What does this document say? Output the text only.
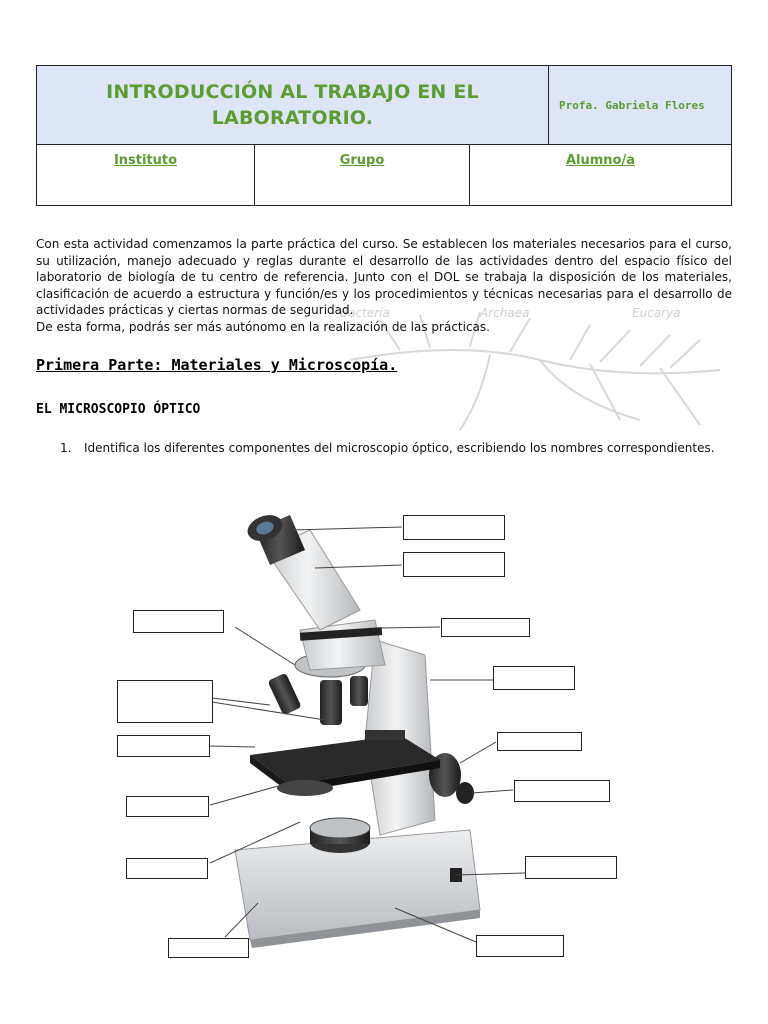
INTRODUCCIÓN AL TRABAJO EN EL LABORATORIO.
Profa. Gabriela Flores
Instituto	Grupo	Alumno/a
Bacteria	Archaea	Eucarya

Con esta actividad comenzamos la parte práctica del curso. Se establecen los materiales necesarios para el curso, su utilización, manejo adecuado y reglas durante el desarrollo de las actividades dentro del espacio físico del laboratorio de biología de tu centro de referencia. Junto con el DOL se trabaja la disposición de los materiales, clasificación de acuerdo a estructura y función/es y los procedimientos y técnicas necesarias para el desarrollo de actividades prácticas y ciertas normas de seguridad.

De esta forma, podrás ser más autónomo en la realización de las prácticas.

Primera Parte: Materiales y Microscopía.
EL MICROSCOPIO ÓPTICO
1. Identifica los diferentes componentes del microscopio óptico, escribiendo los nombres correspondientes.
